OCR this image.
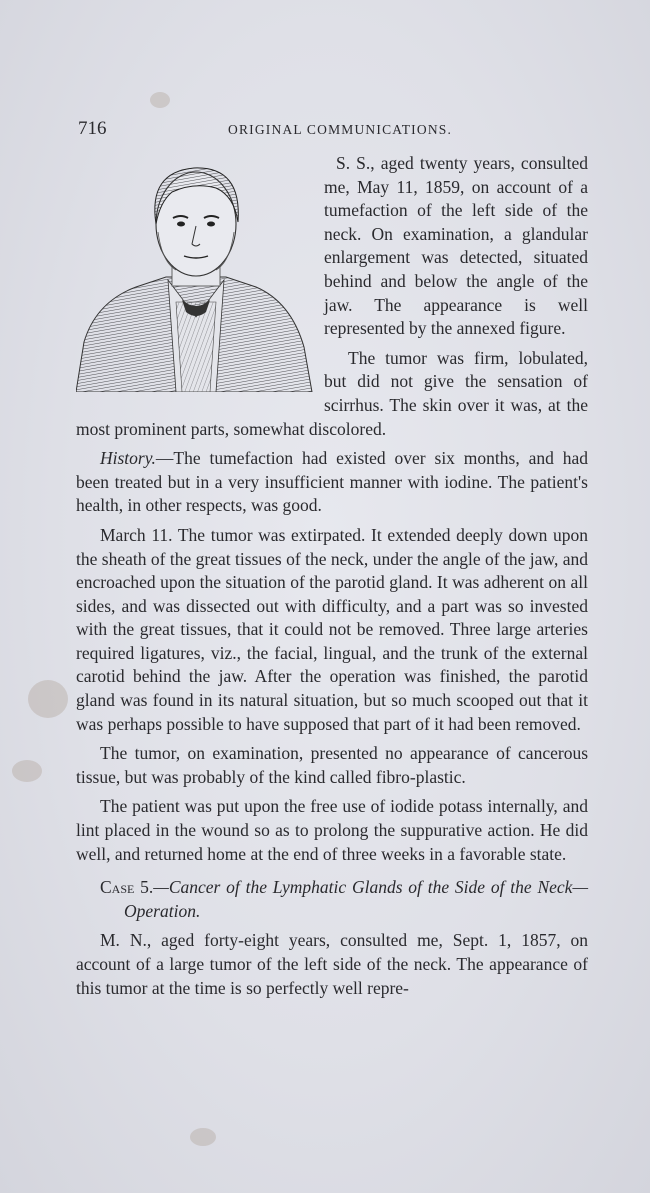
716	ORIGINAL COMMUNICATIONS.

S. S., aged twenty years, consulted me, May 11, 1859, on account of a tumefaction of the left side of the neck. On examination, a glandular enlargement was detected, situated behind and below the angle of the jaw. The appearance is well represented by the annexed figure.

The tumor was firm, lobulated, but did not give the sensation of scirrhus. The skin over it was, at the most prominent parts, somewhat discolored.

History.—The tumefaction had existed over six months, and had been treated but in a very insufficient manner with iodine. The patient's health, in other respects, was good.

March 11. The tumor was extirpated. It extended deeply down upon the sheath of the great tissues of the neck, under the angle of the jaw, and encroached upon the situation of the parotid gland. It was adherent on all sides, and was dissected out with difficulty, and a part was so invested with the great tissues, that it could not be removed. Three large arteries required ligatures, viz., the facial, lingual, and the trunk of the external carotid behind the jaw. After the operation was finished, the parotid gland was found in its natural situation, but so much scooped out that it was perhaps possible to have supposed that part of it had been removed.

The tumor, on examination, presented no appearance of cancerous tissue, but was probably of the kind called fibro-plastic.

The patient was put upon the free use of iodide potass internally, and lint placed in the wound so as to prolong the suppurative action. He did well, and returned home at the end of three weeks in a favorable state.

Case 5.—Cancer of the Lymphatic Glands of the Side of the Neck—Operation.

M. N., aged forty-eight years, consulted me, Sept. 1, 1857, on account of a large tumor of the left side of the neck. The appearance of this tumor at the time is so perfectly well repre-
